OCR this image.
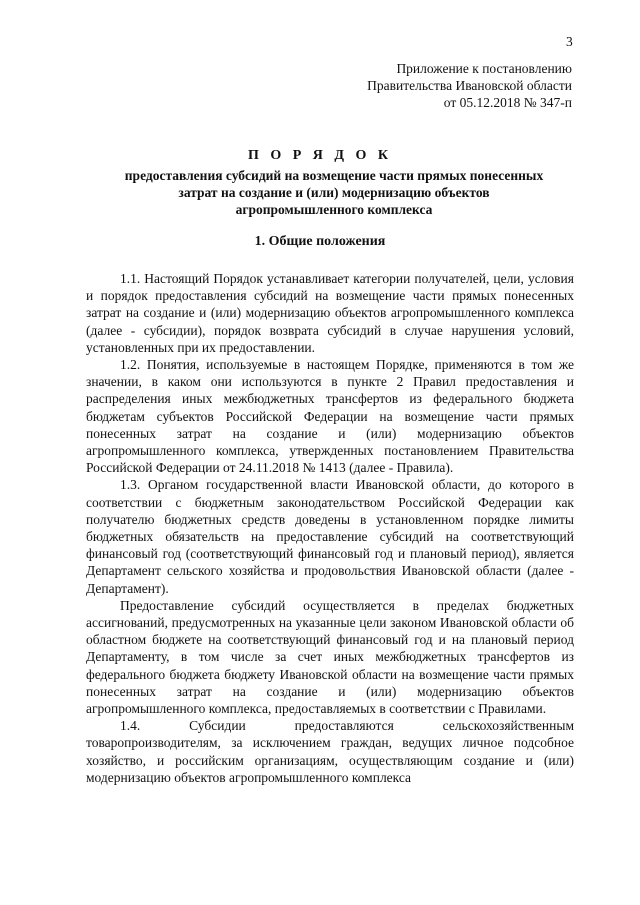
3
Приложение к постановлению
Правительства Ивановской области
от 05.12.2018 № 347-п
П О Р Я Д О К
предоставления субсидий на возмещение части прямых понесенных
затрат на создание и (или) модернизацию объектов
агропромышленного комплекса
1. Общие положения

1.1. Настоящий Порядок устанавливает категории получателей, цели, условия и порядок предоставления субсидий на возмещение части прямых понесенных затрат на создание и (или) модернизацию объектов агропромышленного комплекса (далее - субсидии), порядок возврата субсидий в случае нарушения условий, установленных при их предоставлении.

1.2. Понятия, используемые в настоящем Порядке, применяются в том же значении, в каком они используются в пункте 2 Правил предоставления и распределения иных межбюджетных трансфертов из федерального бюджета бюджетам субъектов Российской Федерации на возмещение части прямых понесенных затрат на создание и (или) модернизацию объектов агропромышленного комплекса, утвержденных постановлением Правительства Российской Федерации от 24.11.2018 № 1413 (далее - Правила).

1.3. Органом государственной власти Ивановской области, до которого в соответствии с бюджетным законодательством Российской Федерации как получателю бюджетных средств доведены в установленном порядке лимиты бюджетных обязательств на предоставление субсидий на соответствующий финансовый год (соответствующий финансовый год и плановый период), является Департамент сельского хозяйства и продовольствия Ивановской области (далее - Департамент).

Предоставление субсидий осуществляется в пределах бюджетных ассигнований, предусмотренных на указанные цели законом Ивановской области об областном бюджете на соответствующий финансовый год и на плановый период Департаменту, в том числе за счет иных межбюджетных трансфертов из федерального бюджета бюджету Ивановской области на возмещение части прямых понесенных затрат на создание и (или) модернизацию объектов агропромышленного комплекса, предоставляемых в соответствии с Правилами.

1.4. Субсидии предоставляются сельскохозяйственным товаропроизводителям, за исключением граждан, ведущих личное подсобное хозяйство, и российским организациям, осуществляющим создание и (или) модернизацию объектов агропромышленного комплекса
